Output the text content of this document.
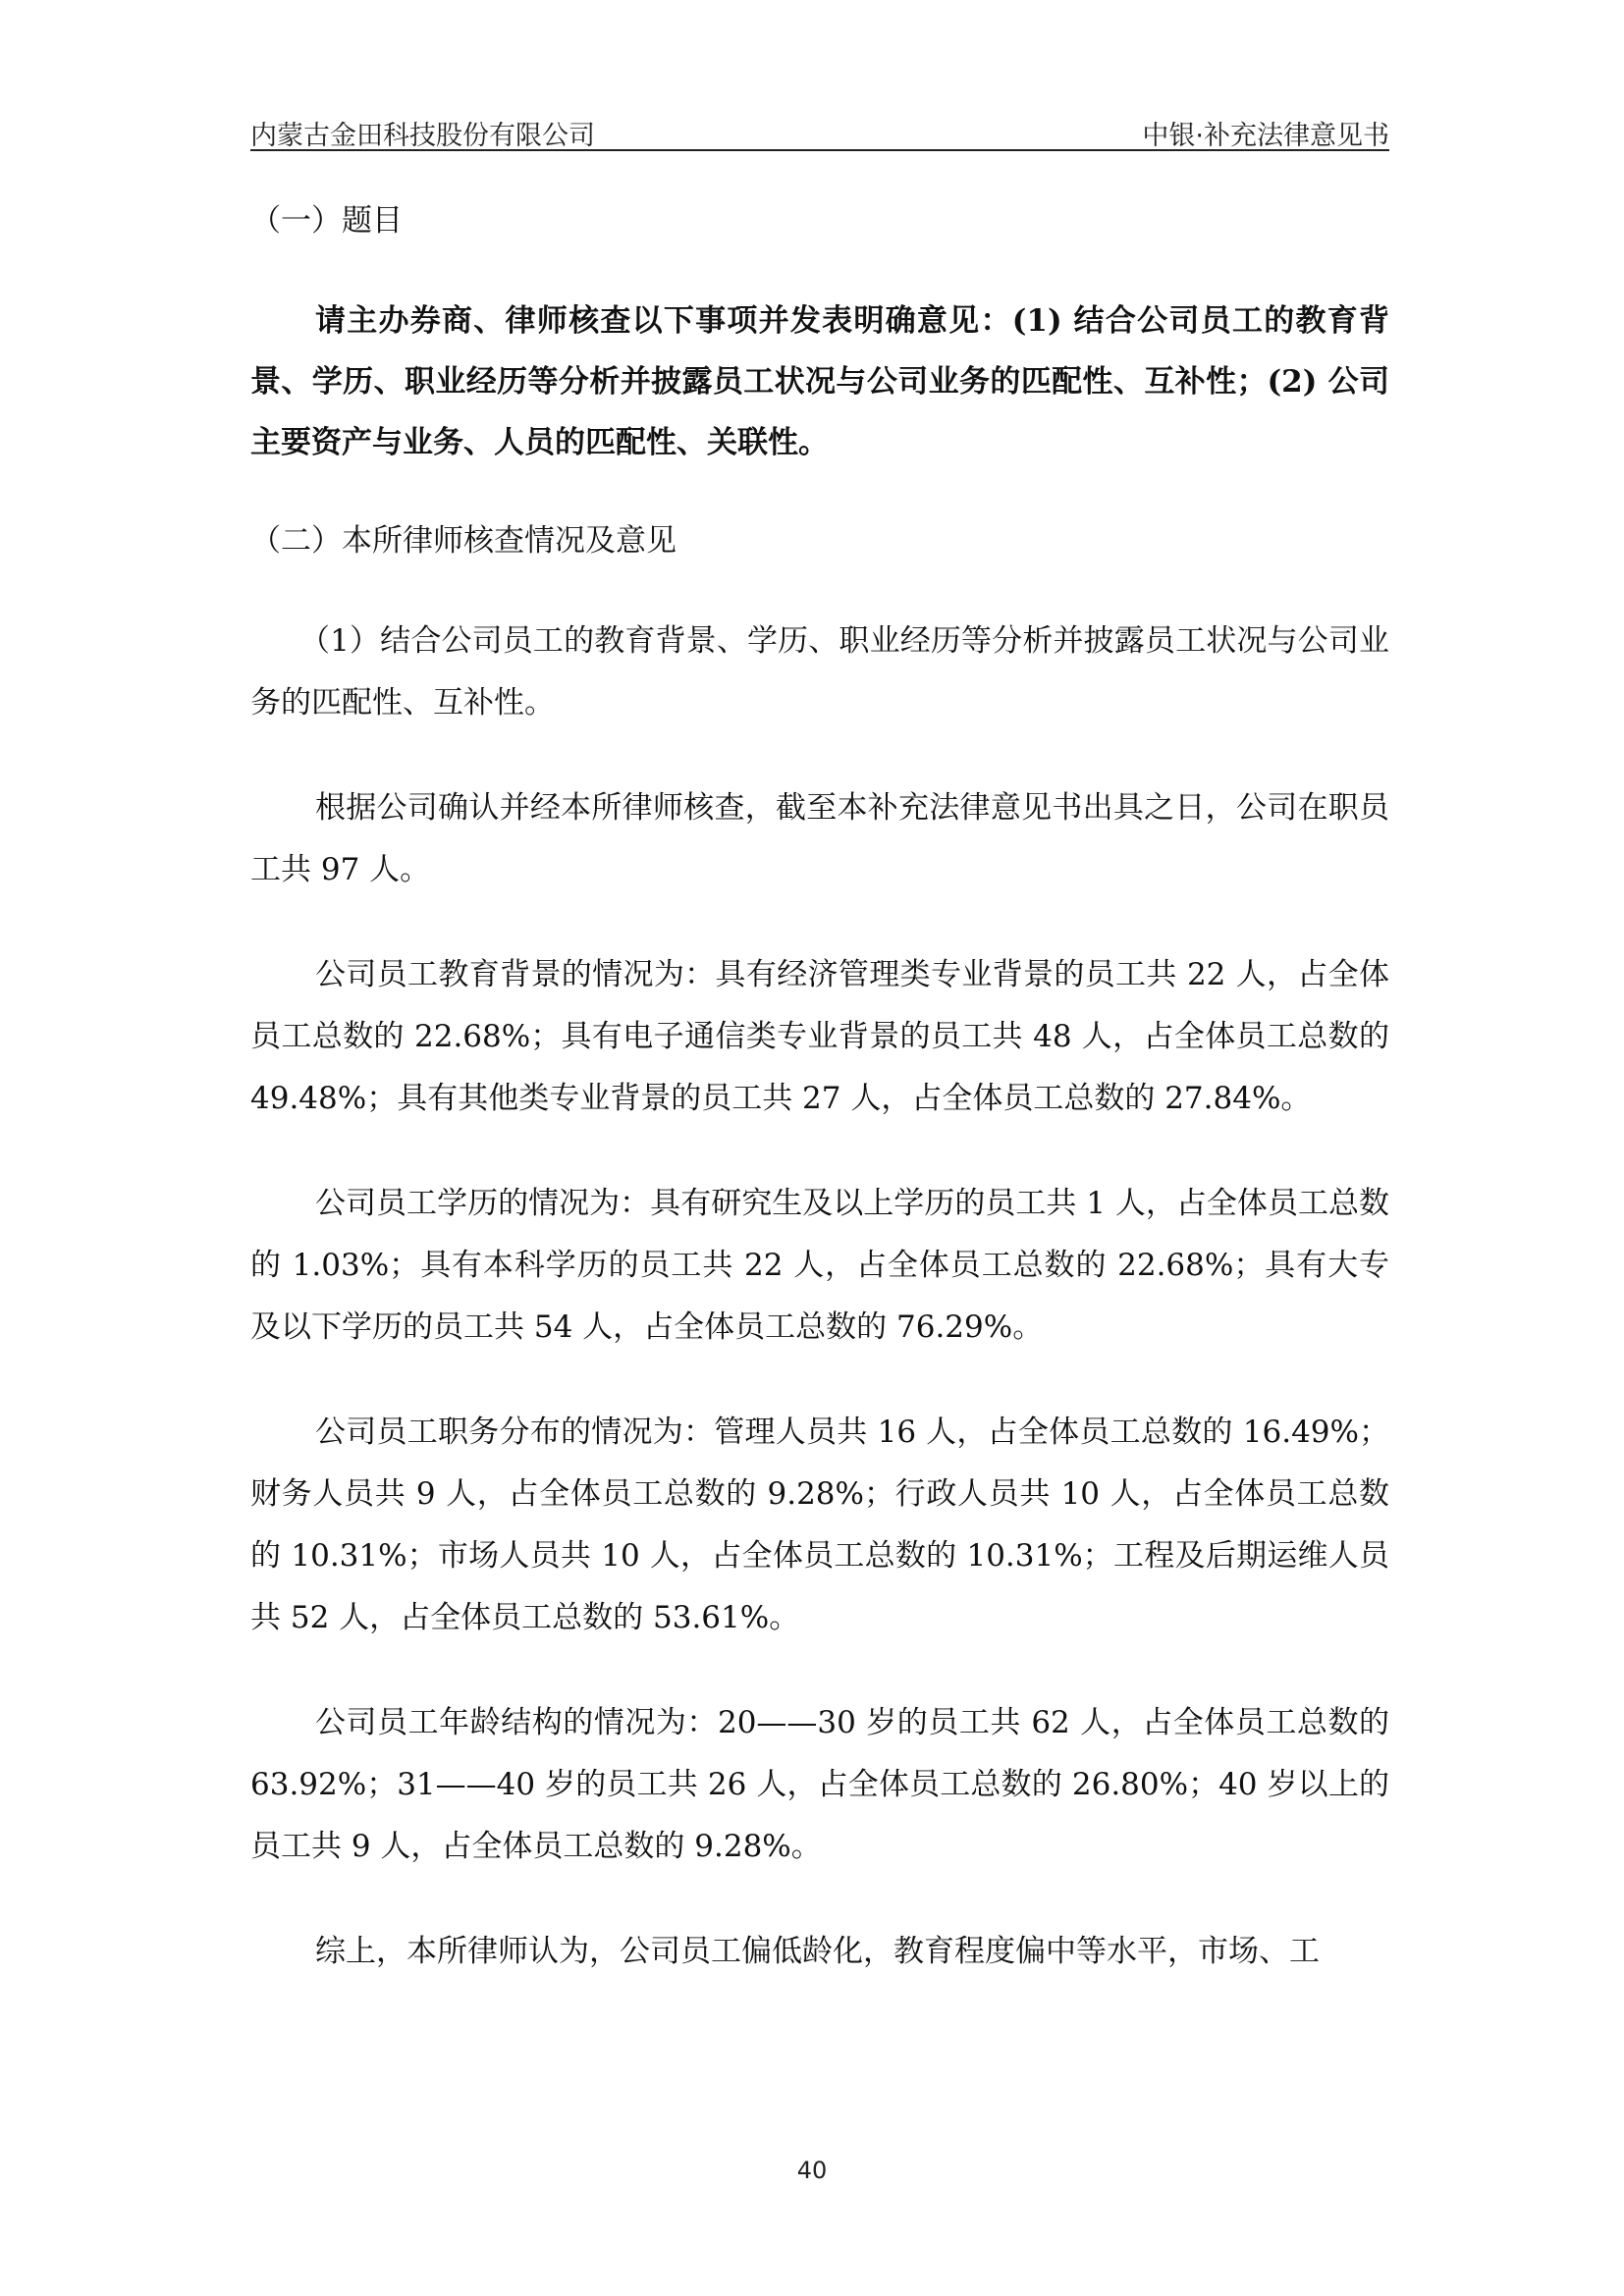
内蒙古金田科技股份有限公司	中银·补充法律意见书
（一）题目

请主办券商、律师核查以下事项并发表明确意见：(1) 结合公司员工的教育背景、学历、职业经历等分析并披露员工状况与公司业务的匹配性、互补性；(2) 公司主要资产与业务、人员的匹配性、关联性。

（二）本所律师核查情况及意见

（1）结合公司员工的教育背景、学历、职业经历等分析并披露员工状况与公司业务的匹配性、互补性。

根据公司确认并经本所律师核查，截至本补充法律意见书出具之日，公司在职员工共 97 人。

公司员工教育背景的情况为：具有经济管理类专业背景的员工共 22 人，占全体员工总数的 22.68%；具有电子通信类专业背景的员工共 48 人，占全体员工总数的 49.48%；具有其他类专业背景的员工共 27 人，占全体员工总数的 27.84%。

公司员工学历的情况为：具有研究生及以上学历的员工共 1 人，占全体员工总数的 1.03%；具有本科学历的员工共 22 人，占全体员工总数的 22.68%；具有大专及以下学历的员工共 54 人，占全体员工总数的 76.29%。

公司员工职务分布的情况为：管理人员共 16 人，占全体员工总数的 16.49%；财务人员共 9 人，占全体员工总数的 9.28%；行政人员共 10 人，占全体员工总数的 10.31%；市场人员共 10 人，占全体员工总数的 10.31%；工程及后期运维人员共 52 人，占全体员工总数的 53.61%。

公司员工年龄结构的情况为：20——30 岁的员工共 62 人，占全体员工总数的 63.92%；31——40 岁的员工共 26 人，占全体员工总数的 26.80%；40 岁以上的员工共 9 人，占全体员工总数的 9.28%。

综上，本所律师认为，公司员工偏低龄化，教育程度偏中等水平，市场、工

40
